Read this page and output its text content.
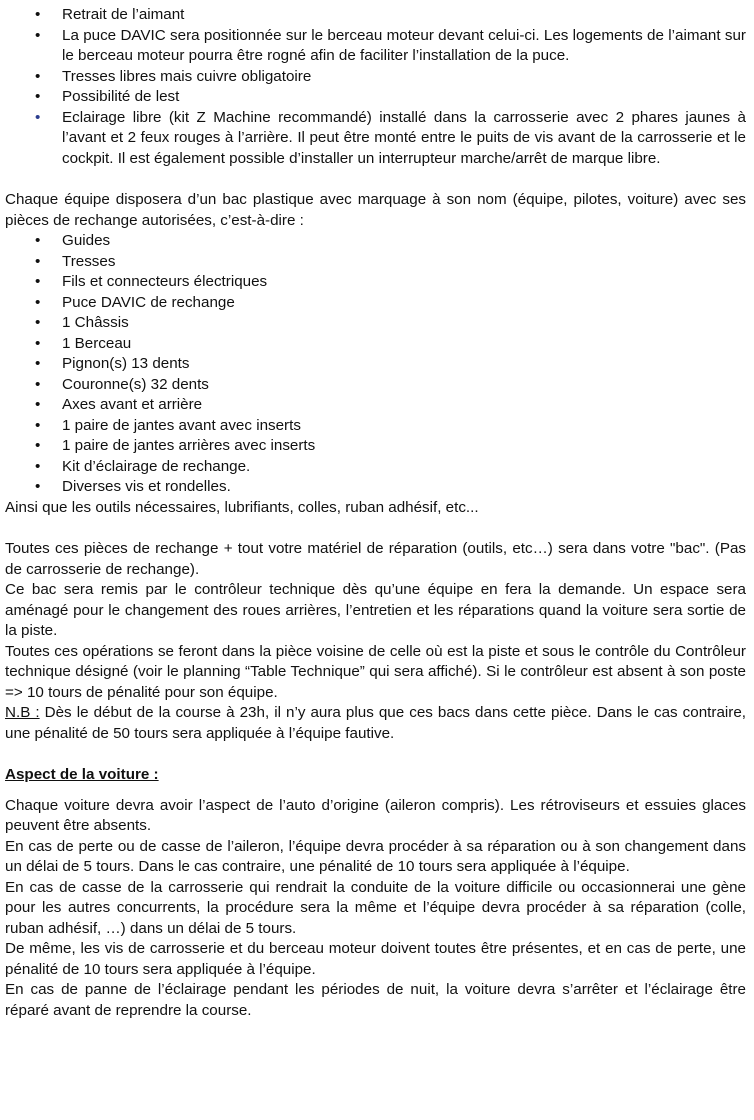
• Retrait de l’aimant
• La puce DAVIC sera positionnée sur le berceau moteur devant celui-ci. Les logements de l’aimant sur le berceau moteur pourra être rogné afin de faciliter l’installation de la puce.
• Tresses libres mais cuivre obligatoire
• Possibilité de lest
• Eclairage libre (kit Z Machine recommandé) installé dans la carrosserie avec 2 phares jaunes à l’avant et 2 feux rouges à l’arrière. Il peut être monté entre le puits de vis avant de la carrosserie et le cockpit. Il est également possible d’installer un interrupteur marche/arrêt de marque libre.

Chaque équipe disposera d’un bac plastique avec marquage à son nom (équipe, pilotes, voiture) avec ses pièces de rechange autorisées, c’est-à-dire :

• Guides
• Tresses
• Fils et connecteurs électriques
• Puce DAVIC de rechange
• 1 Châssis
• 1 Berceau
• Pignon(s) 13 dents
• Couronne(s) 32 dents
• Axes avant et arrière
• 1 paire de jantes avant avec inserts
• 1 paire de jantes arrières avec inserts
• Kit d’éclairage de rechange.
• Diverses vis et rondelles.

Ainsi que les outils nécessaires, lubrifiants, colles, ruban adhésif, etc...

Toutes ces pièces de rechange + tout votre matériel de réparation (outils, etc…) sera dans votre "bac". (Pas de carrosserie de rechange).

Ce bac sera remis par le contrôleur technique dès qu’une équipe en fera la demande. Un espace sera aménagé pour le changement des roues arrières, l’entretien et les réparations quand la voiture sera sortie de la piste.

Toutes ces opérations se feront dans la pièce voisine de celle où est la piste et sous le contrôle du Contrôleur technique désigné (voir le planning “Table Technique” qui sera affiché). Si le contrôleur est absent à son poste => 10 tours de pénalité pour son équipe.

N.B : Dès le début de la course à 23h, il n’y aura plus que ces bacs dans cette pièce. Dans le cas contraire, une pénalité de 50 tours sera appliquée à l’équipe fautive.

Aspect de la voiture :

Chaque voiture devra avoir l’aspect de l’auto d’origine (aileron compris). Les rétroviseurs et essuies glaces peuvent être absents.

En cas de perte ou de casse de l’aileron, l’équipe devra procéder à sa réparation ou à son changement dans un délai de 5 tours. Dans le cas contraire, une pénalité de 10 tours sera appliquée à l’équipe.

En cas de casse de la carrosserie qui rendrait la conduite de la voiture difficile ou occasionnerai une gène pour les autres concurrents, la procédure sera la même et l’équipe devra procéder à sa réparation (colle, ruban adhésif, …) dans un délai de 5 tours.

De même, les vis de carrosserie et du berceau moteur doivent toutes être présentes, et en cas de perte, une pénalité de 10 tours sera appliquée à l’équipe.

En cas de panne de l’éclairage pendant les périodes de nuit, la voiture devra s’arrêter et l’éclairage être réparé avant de reprendre la course.
